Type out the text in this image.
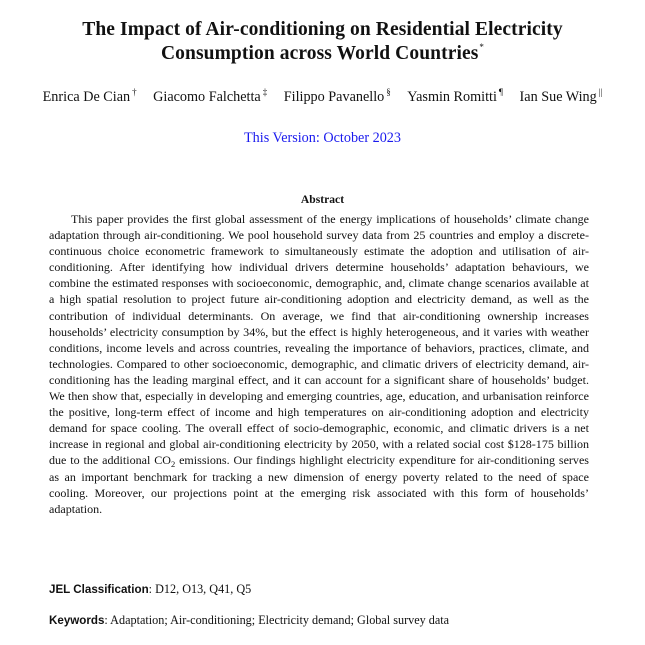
The Impact of Air-conditioning on Residential Electricity
Consumption across World Countries*
Enrica De Cian † Giacomo Falchetta ‡ Filippo Pavanello § Yasmin Romitti ¶ Ian Sue Wing ||
This Version: October 2023
Abstract
This paper provides the first global assessment of the energy implications of households’ climate change adaptation through air-conditioning. We pool household survey data from 25 countries and employ a discrete-continuous choice econometric framework to simultaneously estimate the adoption and utilisation of air-conditioning. After identifying how individual drivers determine households’ adaptation behaviours, we combine the estimated responses with socioeconomic, demographic, and, climate change scenarios available at a high spatial resolution to project future air-conditioning adoption and electricity demand, as well as the contribution of individual determinants. On average, we find that air-conditioning ownership increases households’ electricity consumption by 34%, but the effect is highly heterogeneous, and it varies with weather conditions, income levels and across countries, revealing the importance of behaviors, practices, climate, and technologies. Compared to other socioeconomic, demographic, and climatic drivers of electricity demand, air-conditioning has the leading marginal effect, and it can account for a significant share of households’ budget. We then show that, especially in developing and emerging countries, age, education, and urbanisation reinforce the positive, long-term effect of income and high temperatures on air-conditioning adoption and electricity demand for space cooling. The overall effect of socio-demographic, economic, and climatic drivers is a net increase in regional and global air-conditioning electricity by 2050, with a related social cost $128-175 billion due to the additional $CO_2$ emissions. Our findings highlight electricity expenditure for air-conditioning serves as an important benchmark for tracking a new dimension of energy poverty related to the need of space cooling. Moreover, our projections point at the emerging risk associated with this form of households’ adaptation.
JEL Classification: D12, O13, Q41, Q5
Keywords: Adaptation; Air-conditioning; Electricity demand; Global survey data
